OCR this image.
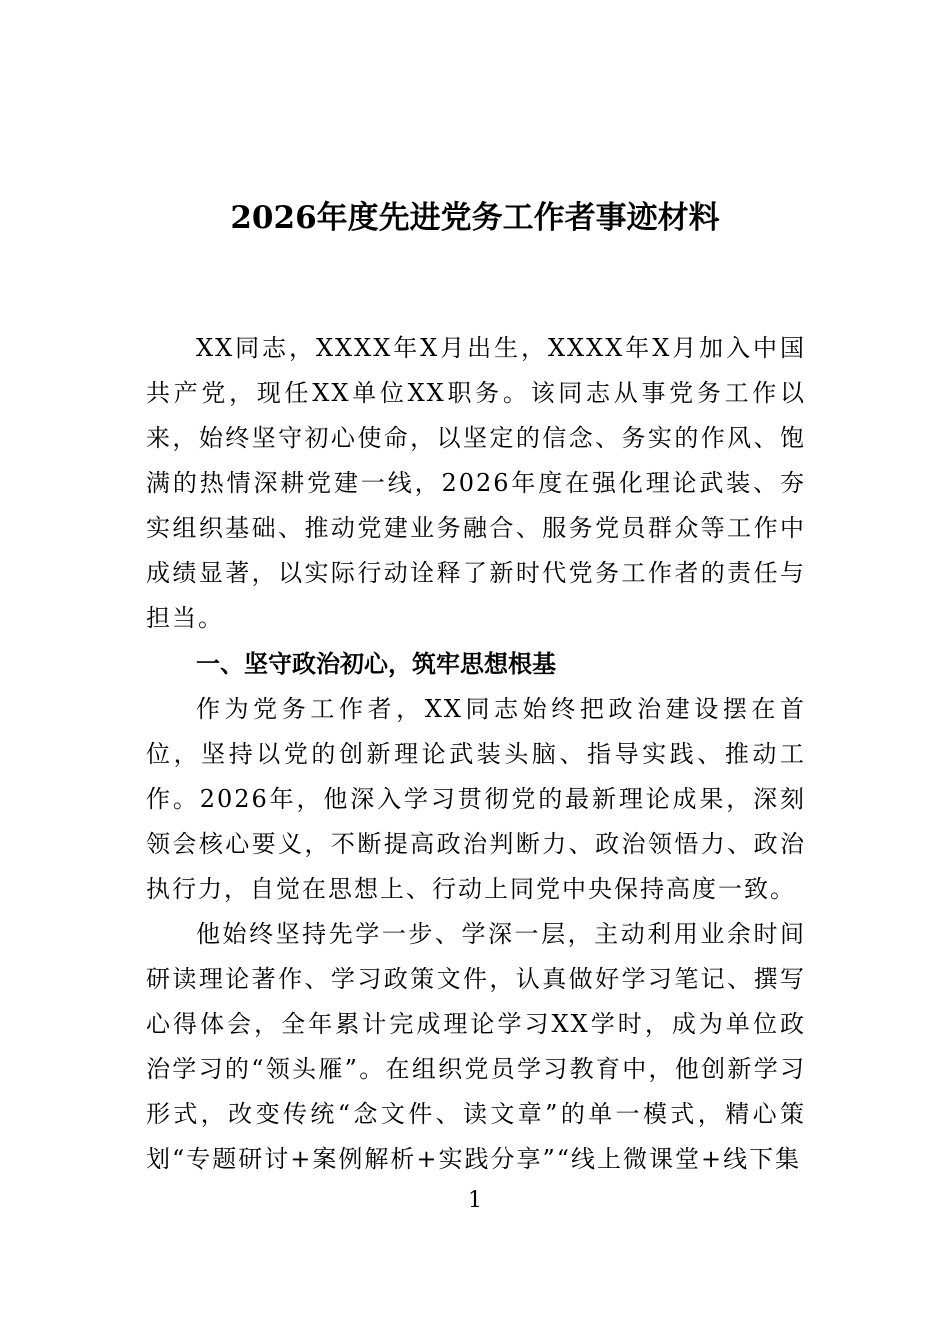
2026年度先进党务工作者事迹材料

XX同志，XXXX年X月出生，XXXX年X月加入中国共产党，现任XX单位XX职务。该同志从事党务工作以来，始终坚守初心使命，以坚定的信念、务实的作风、饱满的热情深耕党建一线，2026年度在强化理论武装、夯实组织基础、推动党建业务融合、服务党员群众等工作中成绩显著，以实际行动诠释了新时代党务工作者的责任与担当。

一、坚守政治初心，筑牢思想根基

作为党务工作者，XX同志始终把政治建设摆在首位，坚持以党的创新理论武装头脑、指导实践、推动工作。2026年，他深入学习贯彻党的最新理论成果，深刻领会核心要义，不断提高政治判断力、政治领悟力、政治执行力，自觉在思想上、行动上同党中央保持高度一致。

他始终坚持先学一步、学深一层，主动利用业余时间研读理论著作、学习政策文件，认真做好学习笔记、撰写心得体会，全年累计完成理论学习XX学时，成为单位政治学习的“领头雁”。在组织党员学习教育中，他创新学习形式，改变传统“念文件、读文章”的单一模式，精心策划“专题研讨+案例解析+实践分享”“线上微课堂+线下集

1
